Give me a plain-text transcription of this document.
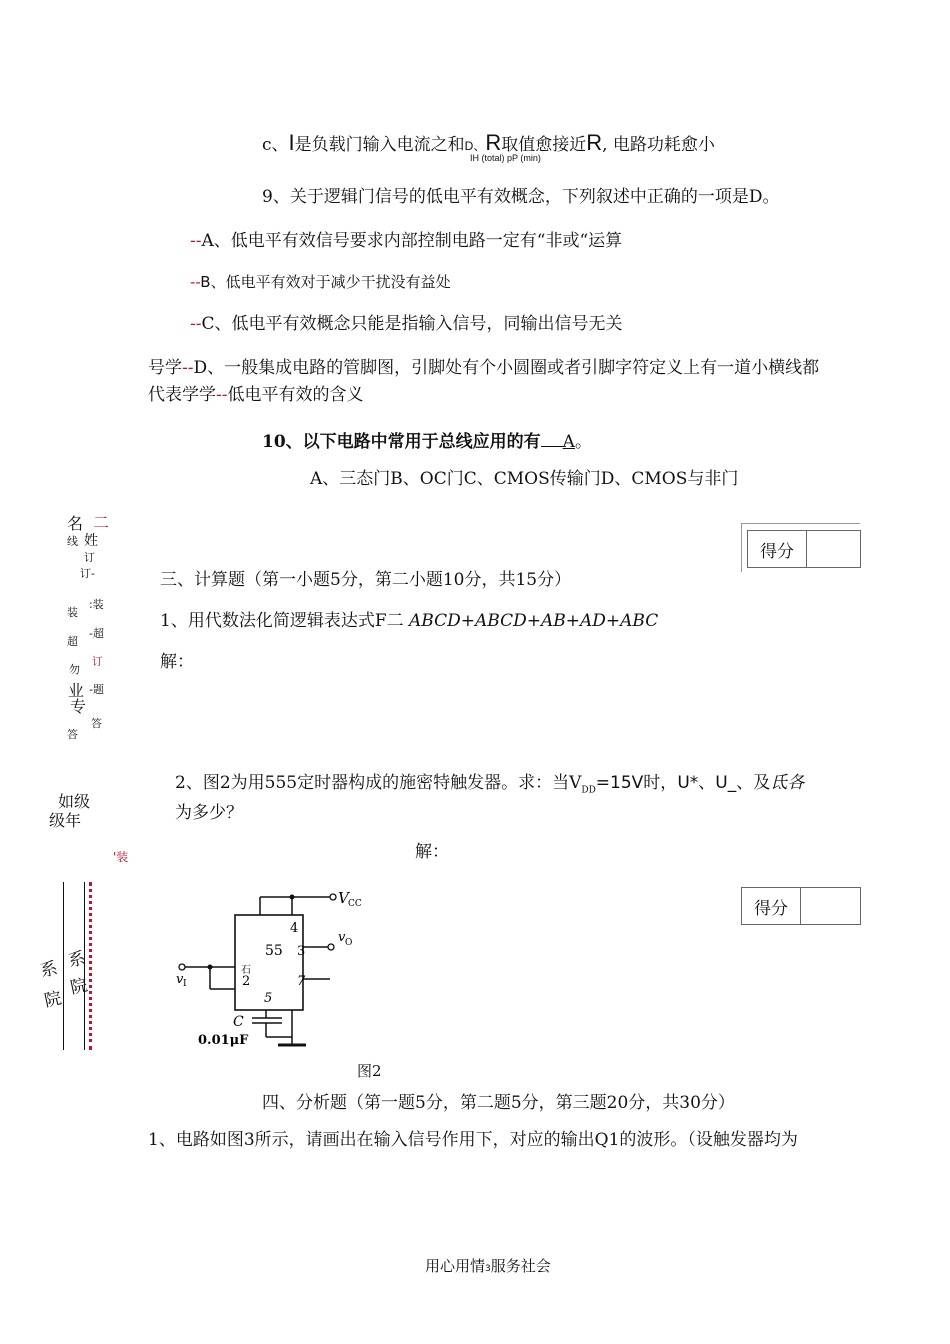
c、I是负载门输入电流之和D、R取值愈接近R, 电路功耗愈小
IH (total) pP (min)
9、关于逻辑门信号的低电平有效概念，下列叙述中正确的一项是D。
--A、低电平有效信号要求内部控制电路一定有“非或“运算
--B、低电平有效对于减少干扰没有益处
--C、低电平有效概念只能是指输入信号，同输出信号无关
号学--D、一般集成电路的管脚图，引脚处有个小圆圈或者引脚字符定义上有一道小横线都
代表学学--低电平有效的含义
10、以下电路中常用于总线应用的有 A。
A、三态门B、OC门C、CMOS传输门D、CMOS与非门
得分
三、计算题（第一小题5分，第二小题10分，共15分）
1、用代数法化简逻辑表达式F二 ABCD+ABCD+AB+AD+ABC
解：
2、图2为用555定时器构成的施密特触发器。求：当$V_{DD}=15V$时，U*、U_、及氐各
为多少？
解：
得分
V CC
v O
v I
4
55 3
石
2	7
5
C
0.01μF
图2
四、分析题（第一题5分，第二题5分，第三题20分，共30分）
1、电路如图3所示，请画出在输入信号作用下，对应的输出Q1的波形。（设触发器均为
名 二
线 姓
订
订-
装
:装
超
-超
勿
订
业
专
-题
答
答
如级
级年
'装
系
院
系
院
用心用情3服务社会
